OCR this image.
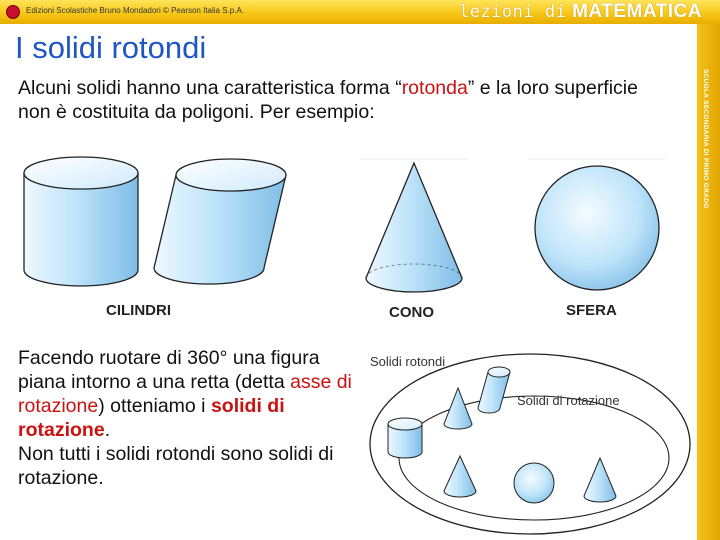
Edizioni Scolastiche Bruno Mondadori © Pearson Italia S.p.A.	lezioni di MATEMATICA
SCUOLA SECONDARIA DI PRIMO GRADO
I solidi rotondi
Alcuni solidi hanno una caratteristica forma “rotonda” e la loro superficie non è costituita da poligoni. Per esempio:
CILINDRI	CONO	SFERA

Facendo ruotare di 360° una figura piana intorno a una retta (detta asse di rotazione) otteniamo i solidi di rotazione.

Non tutti i solidi rotondi sono solidi di rotazione.

Solidi rotondi
Solidi di rotazione
